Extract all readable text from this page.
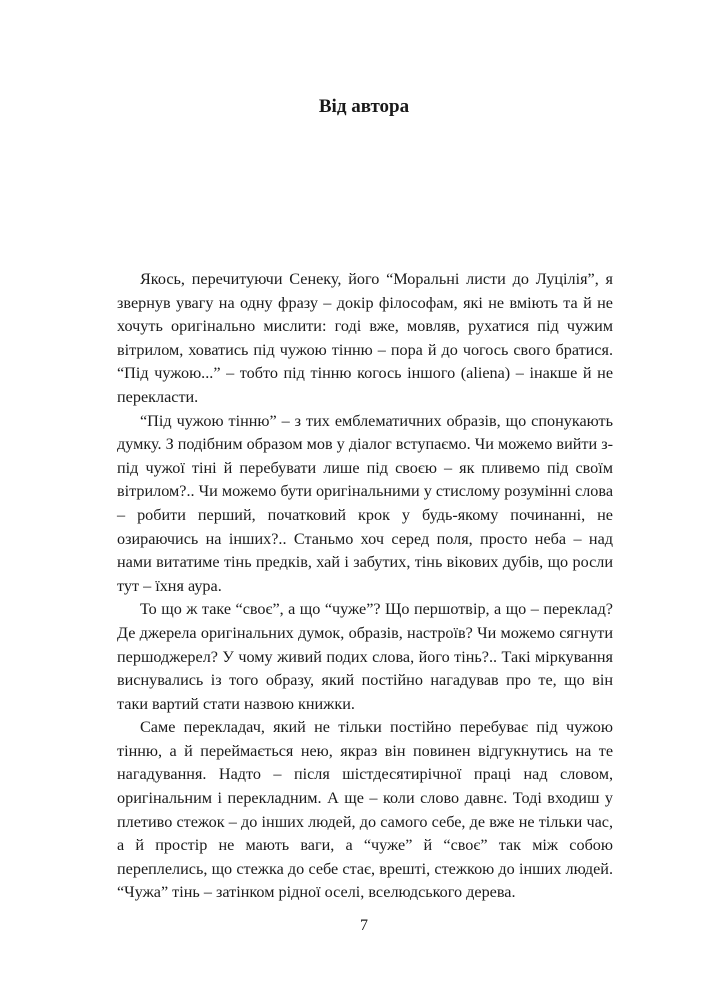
Від автора

Якось, перечитуючи Сенеку, його “Моральні листи до Луцілія”, я звернув увагу на одну фразу – докір філософам, які не вміють та й не хочуть оригінально мислити: годі вже, мовляв, рухатися під чужим вітрилом, ховатись під чужою тінню – пора й до чогось свого братися. “Під чужою...” – тобто під тінню когось іншого (aliena) – інакше й не перекласти.

“Під чужою тінню” – з тих емблематичних образів, що спонукають думку. З подібним образом мов у діалог вступаємо. Чи можемо вийти з-під чужої тіні й перебувати лише під своєю – як пливемо під своїм вітрилом?.. Чи можемо бути оригінальними у стислому розумінні слова – робити перший, початковий крок у будь-якому починанні, не озираючись на інших?.. Станьмо хоч серед поля, просто неба – над нами витатиме тінь предків, хай і забутих, тінь вікових дубів, що росли тут – їхня аура.

То що ж таке “своє”, а що “чуже”? Що першотвір, а що – переклад? Де джерела оригінальних думок, образів, настроїв? Чи можемо сягнути першоджерел? У чому живий подих слова, його тінь?.. Такі міркування виснувались із того образу, який постійно нагадував про те, що він таки вартий стати назвою книжки.

Саме перекладач, який не тільки постійно перебуває під чужою тінню, а й переймається нею, якраз він повинен відгукнутись на те нагадування. Надто – після шістдесятирічної праці над словом, оригінальним і перекладним. А ще – коли слово давнє. Тоді входиш у плетиво стежок – до інших людей, до самого себе, де вже не тільки час, а й простір не мають ваги, а “чуже” й “своє” так між собою переплелись, що стежка до себе стає, врешті, стежкою до інших людей. “Чужа” тінь – затінком рідної оселі, вселюдського дерева.

7
